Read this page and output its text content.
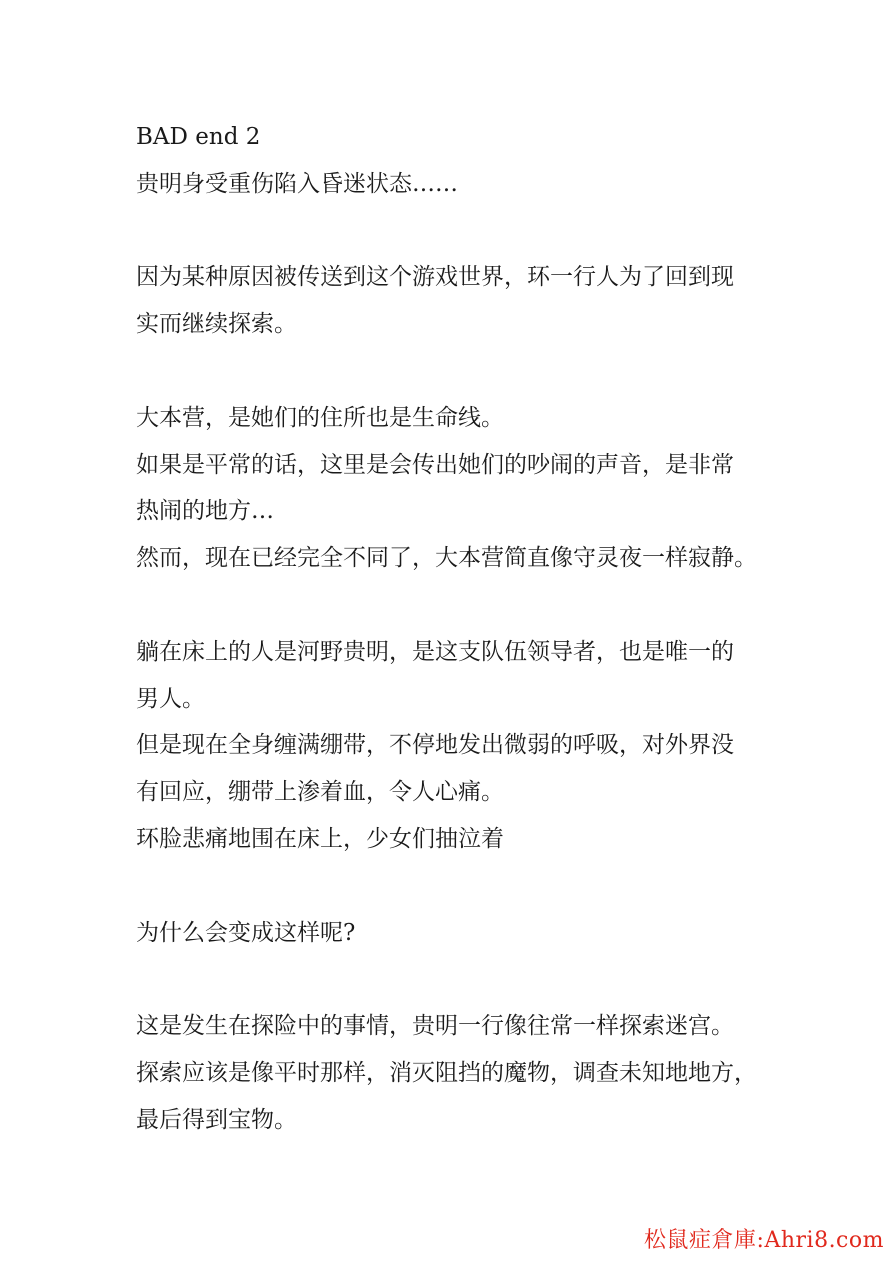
BAD end 2
贵明身受重伤陷入昏迷状态……
因为某种原因被传送到这个游戏世界，环一行人为了回到现
实而继续探索。
大本营，是她们的住所也是生命线。
如果是平常的话，这里是会传出她们的吵闹的声音，是非常
热闹的地方…
然而，现在已经完全不同了，大本营简直像守灵夜一样寂静。
躺在床上的人是河野贵明，是这支队伍领导者，也是唯一的
男人。
但是现在全身缠满绷带，不停地发出微弱的呼吸，对外界没
有回应，绷带上渗着血，令人心痛。
环脸悲痛地围在床上，少女们抽泣着
为什么会变成这样呢?
这是发生在探险中的事情，贵明一行像往常一样探索迷宫。
探索应该是像平时那样，消灭阻挡的魔物，调查未知地地方，
最后得到宝物。
松鼠症倉庫:Ahri8.com
